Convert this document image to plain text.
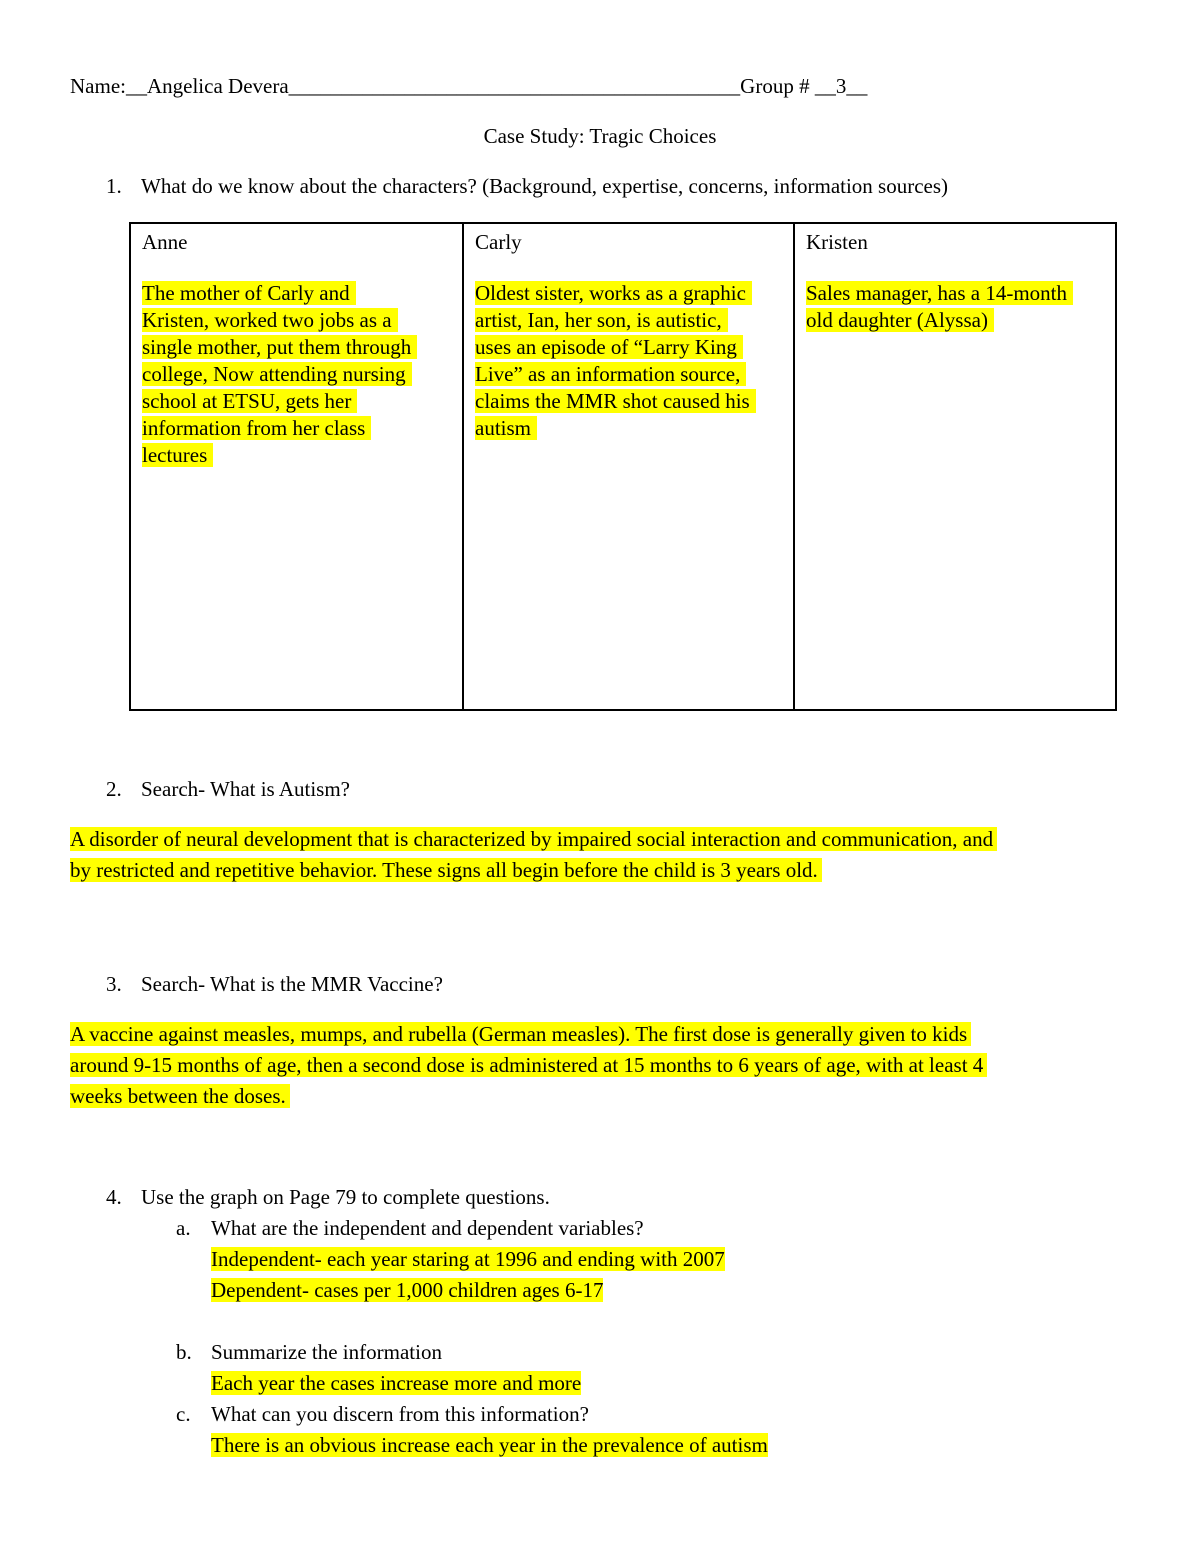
Name:__Angelica Devera___________________________________________Group # __3__
Case Study: Tragic Choices
1. What do we know about the characters? (Background, expertise, concerns, information sources)
Anne
The mother of Carly and
Kristen, worked two jobs as a
single mother, put them through
college, Now attending nursing
school at ETSU, gets her
information from her class
lectures
Carly
Oldest sister, works as a graphic
artist, Ian, her son, is autistic,
uses an episode of “Larry King
Live” as an information source,
claims the MMR shot caused his
autism
Kristen
Sales manager, has a 14-month
old daughter (Alyssa)
2. Search- What is Autism?
A disorder of neural development that is characterized by impaired social interaction and communication, and
by restricted and repetitive behavior. These signs all begin before the child is 3 years old.
3. Search- What is the MMR Vaccine?
A vaccine against measles, mumps, and rubella (German measles). The first dose is generally given to kids
around 9-15 months of age, then a second dose is administered at 15 months to 6 years of age, with at least 4
weeks between the doses.
4. Use the graph on Page 79 to complete questions.
a. What are the independent and dependent variables?
Independent- each year staring at 1996 and ending with 2007
Dependent- cases per 1,000 children ages 6-17
b. Summarize the information
Each year the cases increase more and more
c. What can you discern from this information?
There is an obvious increase each year in the prevalence of autism
